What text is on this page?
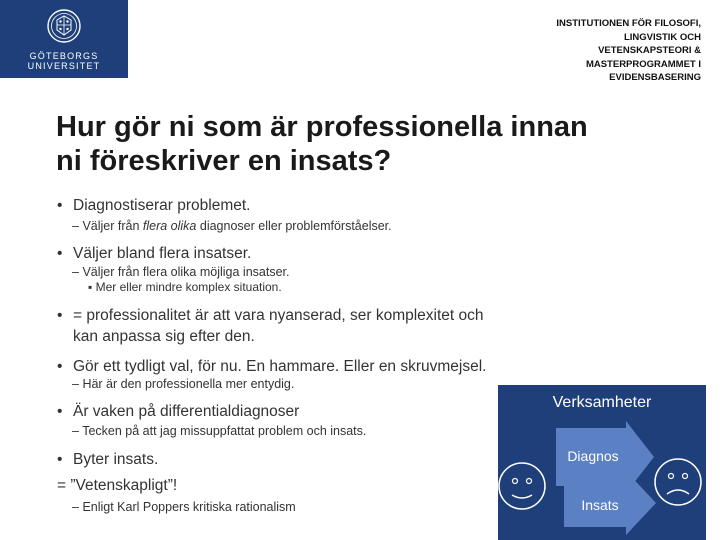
GÖTEBORGS
UNIVERSITET
INSTITUTIONEN FÖR FILOSOFI,
LINGVISTIK OCH
VETENSKAPSTEORI &
MASTERPROGRAMMET I
EVIDENSBASERING
Hur gör ni som är professionella innan
ni föreskriver en insats?
• Diagnostiserar problemet.
– Väljer från flera olika diagnoser eller problemförståelser.
• Väljer bland flera insatser.
– Väljer från flera olika möjliga insatser.
▪ Mer eller mindre komplex situation.
• = professionalitet är att vara nyanserad, ser komplexitet och
kan anpassa sig efter den.
• Gör ett tydligt val, för nu. En hammare. Eller en skruvmejsel.
– Här är den professionella mer entydig.
• Är vaken på differentialdiagnoser
– Tecken på att jag missuppfattat problem och insats.
• Byter insats.
= ”Vetenskapligt”!
– Enligt Karl Poppers kritiska rationalism
Verksamheter
Diagnos
Insats
